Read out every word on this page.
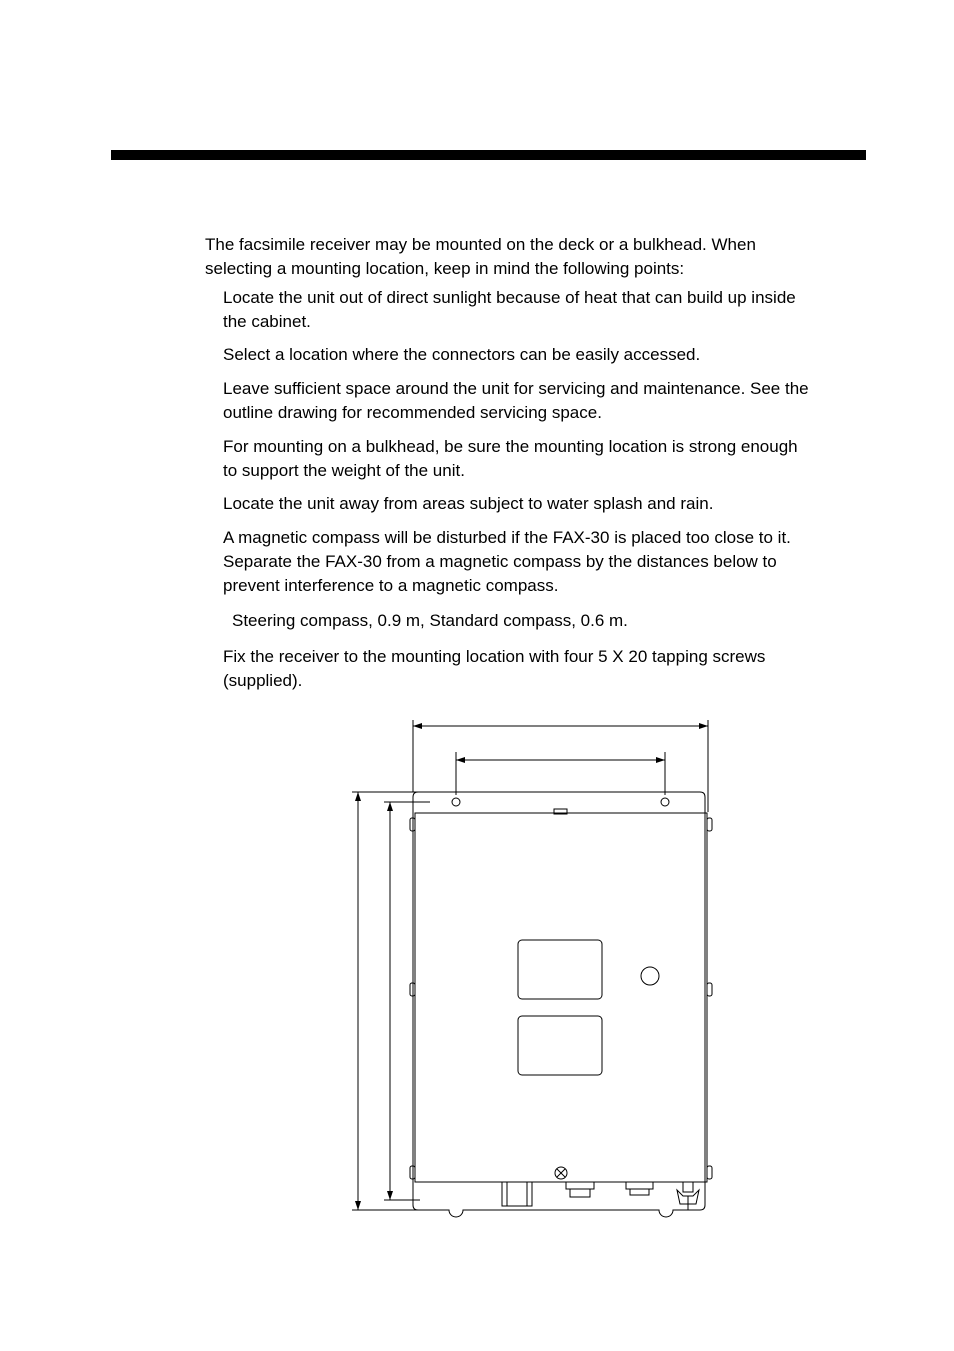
The facsimile receiver may be mounted on the deck or a bulkhead. When
selecting a mounting location, keep in mind the following points:
Locate the unit out of direct sunlight because of heat that can build up inside
the cabinet.
Select a location where the connectors can be easily accessed.
Leave sufficient space around the unit for servicing and maintenance. See the
outline drawing for recommended servicing space.
For mounting on a bulkhead, be sure the mounting location is strong enough
to support the weight of the unit.
Locate the unit away from areas subject to water splash and rain.
A magnetic compass will be disturbed if the FAX-30 is placed too close to it.
Separate the FAX-30 from a magnetic compass by the distances below to
prevent interference to a magnetic compass.
Steering compass, 0.9 m, Standard compass, 0.6 m.
Fix the receiver to the mounting location with four 5 X 20 tapping screws
(supplied).
